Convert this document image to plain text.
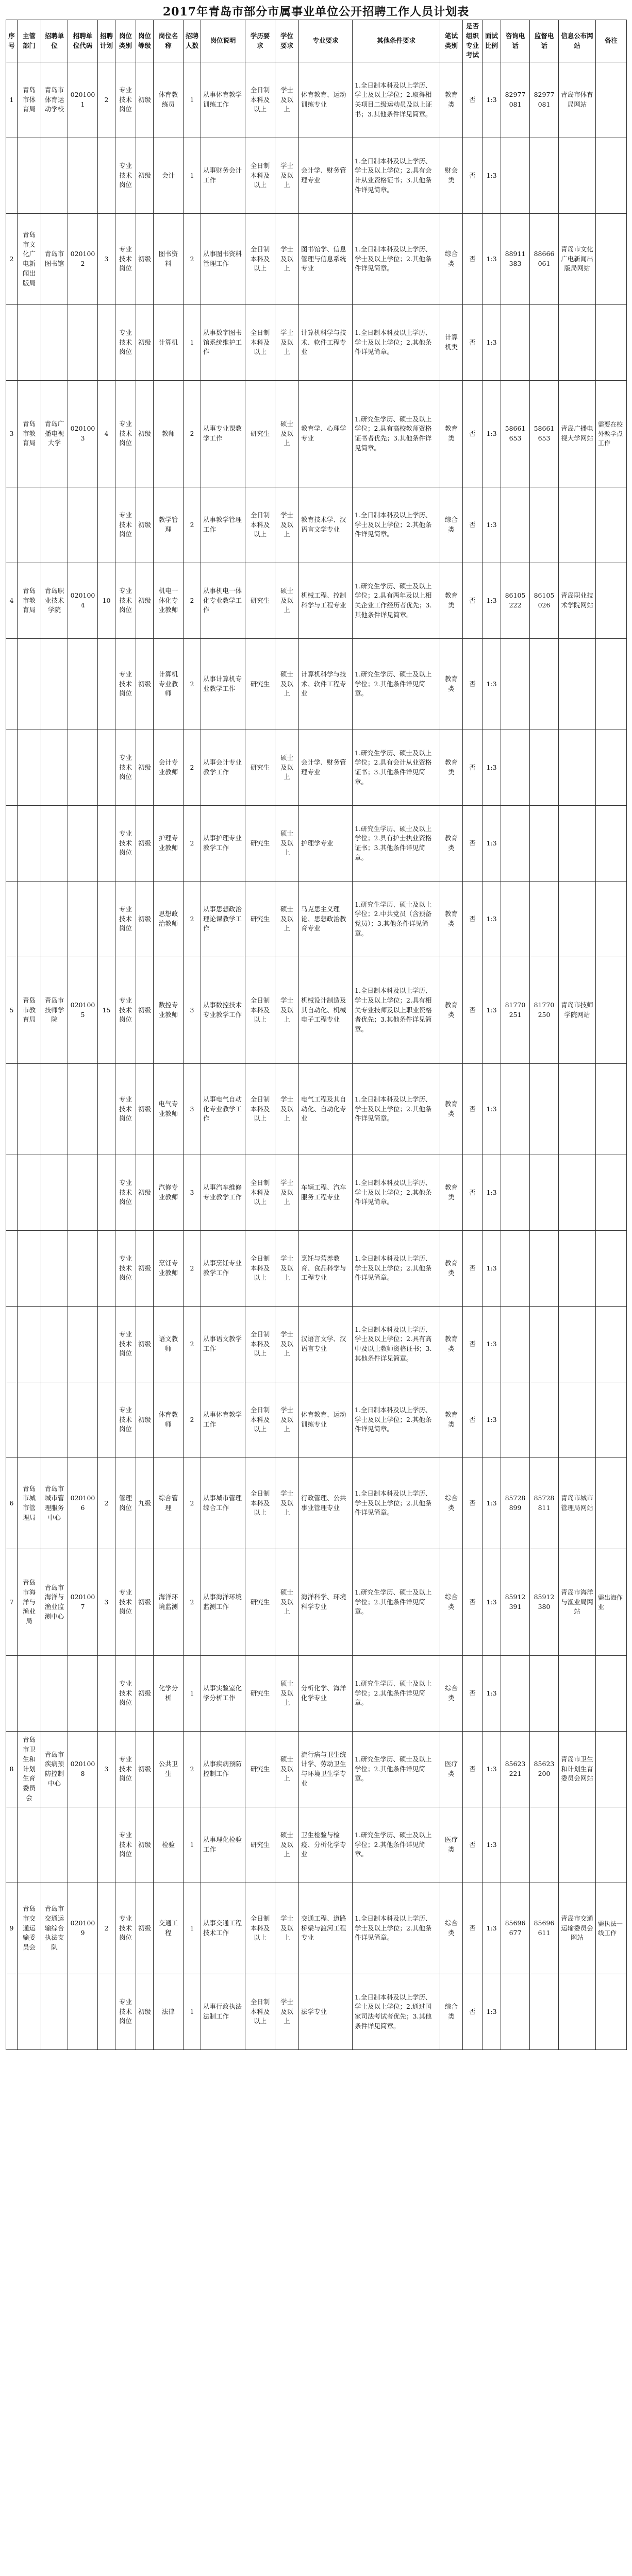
2017年青岛市部分市属事业单位公开招聘工作人员计划表
序号	主管部门	招聘单位	招聘单位代码	招聘计划	岗位类别	岗位等级	岗位名称	招聘人数	岗位说明	学历要求	学位要求	专业要求	其他条件要求	笔试类别	是否组织专业考试	面试比例	咨询电话	监督电话	信息公布网站	备注
1	青岛市体育局	青岛市体育运动学校	0201001	2	专业技术岗位	初级	体育教练员	1	从事体育教学训练工作	全日制本科及以上	学士及以上	体育教育、运动训练专业	1.全日制本科及以上学历、学士及以上学位；2.取得相关项目二级运动员及以上证书；3.其他条件详见简章。	教育类	否	1:3	82977081	82977081	青岛市体育局网站	
					专业技术岗位	初级	会计	1	从事财务会计工作	全日制本科及以上	学士及以上	会计学、财务管理专业	1.全日制本科及以上学历、学士及以上学位；2.具有会计从业资格证书；3.其他条件详见简章。	财会类	否	1:3				
2	青岛市文化广电新闻出版局	青岛市图书馆	0201002	3	专业技术岗位	初级	图书资料	2	从事图书资料管理工作	全日制本科及以上	学士及以上	图书馆学、信息管理与信息系统专业	1.全日制本科及以上学历、学士及以上学位；2.其他条件详见简章。	综合类	否	1:3	88911383	88666061	青岛市文化广电新闻出版局网站	
					专业技术岗位	初级	计算机	1	从事数字图书馆系统维护工作	全日制本科及以上	学士及以上	计算机科学与技术、软件工程专业	1.全日制本科及以上学历、学士及以上学位；2.其他条件详见简章。	计算机类	否	1:3				
3	青岛市教育局	青岛广播电视大学	0201003	4	专业技术岗位	初级	教师	2	从事专业课教学工作	研究生	硕士及以上	教育学、心理学专业	1.研究生学历、硕士及以上学位；2.具有高校教师资格证书者优先；3.其他条件详见简章。	教育类	否	1:3	58661653	58661653	青岛广播电视大学网站	需要在校外教学点工作
					专业技术岗位	初级	教学管理	2	从事教学管理工作	全日制本科及以上	学士及以上	教育技术学、汉语言文学专业	1.全日制本科及以上学历、学士及以上学位；2.其他条件详见简章。	综合类	否	1:3				
4	青岛市教育局	青岛职业技术学院	0201004	10	专业技术岗位	初级	机电一体化专业教师	2	从事机电一体化专业教学工作	研究生	硕士及以上	机械工程、控制科学与工程专业	1.研究生学历、硕士及以上学位；2.具有两年及以上相关企业工作经历者优先；3.其他条件详见简章。	教育类	否	1:3	86105222	86105026	青岛职业技术学院网站	
					专业技术岗位	初级	计算机专业教师	2	从事计算机专业教学工作	研究生	硕士及以上	计算机科学与技术、软件工程专业	1.研究生学历、硕士及以上学位；2.其他条件详见简章。	教育类	否	1:3				
					专业技术岗位	初级	会计专业教师	2	从事会计专业教学工作	研究生	硕士及以上	会计学、财务管理专业	1.研究生学历、硕士及以上学位；2.具有会计从业资格证书；3.其他条件详见简章。	教育类	否	1:3				
					专业技术岗位	初级	护理专业教师	2	从事护理专业教学工作	研究生	硕士及以上	护理学专业	1.研究生学历、硕士及以上学位；2.具有护士执业资格证书；3.其他条件详见简章。	教育类	否	1:3				
					专业技术岗位	初级	思想政治教师	2	从事思想政治理论课教学工作	研究生	硕士及以上	马克思主义理论、思想政治教育专业	1.研究生学历、硕士及以上学位；2.中共党员（含预备党员）；3.其他条件详见简章。	教育类	否	1:3				
5	青岛市教育局	青岛市技师学院	0201005	15	专业技术岗位	初级	数控专业教师	3	从事数控技术专业教学工作	全日制本科及以上	学士及以上	机械设计制造及其自动化、机械电子工程专业	1.全日制本科及以上学历、学士及以上学位；2.具有相关专业技师及以上职业资格者优先；3.其他条件详见简章。	教育类	否	1:3	81770251	81770250	青岛市技师学院网站	
					专业技术岗位	初级	电气专业教师	3	从事电气自动化专业教学工作	全日制本科及以上	学士及以上	电气工程及其自动化、自动化专业	1.全日制本科及以上学历、学士及以上学位；2.其他条件详见简章。	教育类	否	1:3				
					专业技术岗位	初级	汽修专业教师	3	从事汽车维修专业教学工作	全日制本科及以上	学士及以上	车辆工程、汽车服务工程专业	1.全日制本科及以上学历、学士及以上学位；2.其他条件详见简章。	教育类	否	1:3				
					专业技术岗位	初级	烹饪专业教师	2	从事烹饪专业教学工作	全日制本科及以上	学士及以上	烹饪与营养教育、食品科学与工程专业	1.全日制本科及以上学历、学士及以上学位；2.其他条件详见简章。	教育类	否	1:3				
					专业技术岗位	初级	语文教师	2	从事语文教学工作	全日制本科及以上	学士及以上	汉语言文学、汉语言专业	1.全日制本科及以上学历、学士及以上学位；2.具有高中及以上教师资格证书；3.其他条件详见简章。	教育类	否	1:3				
					专业技术岗位	初级	体育教师	2	从事体育教学工作	全日制本科及以上	学士及以上	体育教育、运动训练专业	1.全日制本科及以上学历、学士及以上学位；2.其他条件详见简章。	教育类	否	1:3				
6	青岛市城市管理局	青岛市城市管理服务中心	0201006	2	管理岗位	九级	综合管理	2	从事城市管理综合工作	全日制本科及以上	学士及以上	行政管理、公共事业管理专业	1.全日制本科及以上学历、学士及以上学位；2.其他条件详见简章。	综合类	否	1:3	85728899	85728811	青岛市城市管理局网站	
7	青岛市海洋与渔业局	青岛市海洋与渔业监测中心	0201007	3	专业技术岗位	初级	海洋环境监测	2	从事海洋环境监测工作	研究生	硕士及以上	海洋科学、环境科学专业	1.研究生学历、硕士及以上学位；2.其他条件详见简章。	综合类	否	1:3	85912391	85912380	青岛市海洋与渔业局网站	需出海作业
					专业技术岗位	初级	化学分析	1	从事实验室化学分析工作	研究生	硕士及以上	分析化学、海洋化学专业	1.研究生学历、硕士及以上学位；2.其他条件详见简章。	综合类	否	1:3				
8	青岛市卫生和计划生育委员会	青岛市疾病预防控制中心	0201008	3	专业技术岗位	初级	公共卫生	2	从事疾病预防控制工作	研究生	硕士及以上	流行病与卫生统计学、劳动卫生与环境卫生学专业	1.研究生学历、硕士及以上学位；2.其他条件详见简章。	医疗类	否	1:3	85623221	85623200	青岛市卫生和计划生育委员会网站	
					专业技术岗位	初级	检验	1	从事理化检验工作	研究生	硕士及以上	卫生检验与检疫、分析化学专业	1.研究生学历、硕士及以上学位；2.其他条件详见简章。	医疗类	否	1:3				
9	青岛市交通运输委员会	青岛市交通运输综合执法支队	0201009	2	专业技术岗位	初级	交通工程	1	从事交通工程技术工作	全日制本科及以上	学士及以上	交通工程、道路桥梁与渡河工程专业	1.全日制本科及以上学历、学士及以上学位；2.其他条件详见简章。	综合类	否	1:3	85696677	85696611	青岛市交通运输委员会网站	需执法一线工作
					专业技术岗位	初级	法律	1	从事行政执法法制工作	全日制本科及以上	学士及以上	法学专业	1.全日制本科及以上学历、学士及以上学位；2.通过国家司法考试者优先；3.其他条件详见简章。	综合类	否	1:3				
